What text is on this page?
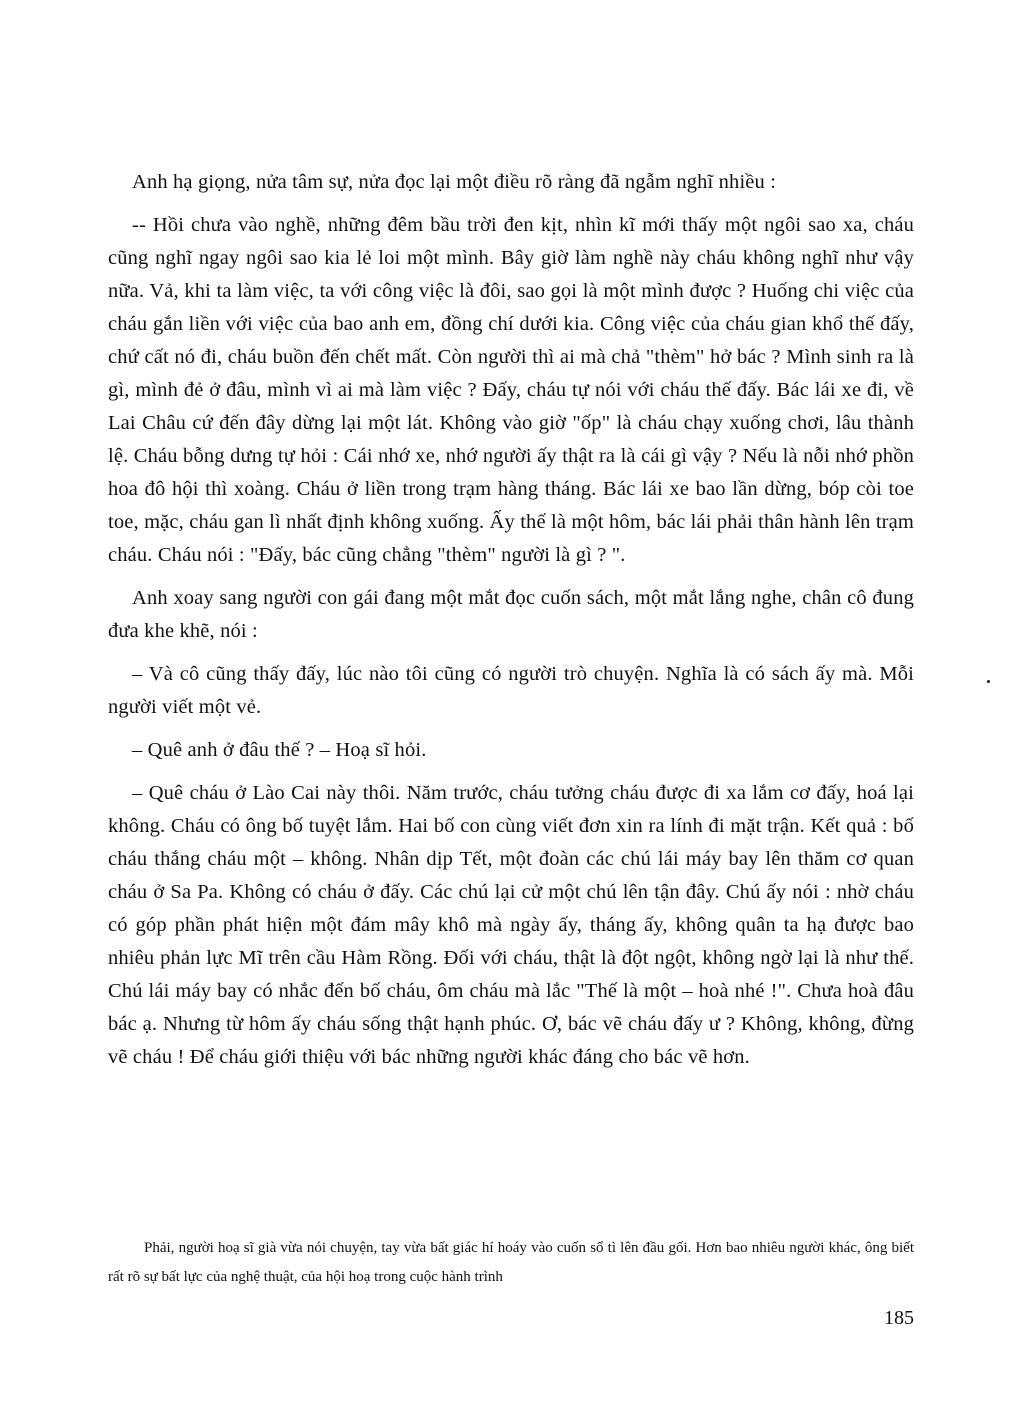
Anh hạ giọng, nửa tâm sự, nửa đọc lại một điều rõ ràng đã ngẫm nghĩ nhiều :

-- Hồi chưa vào nghề, những đêm bầu trời đen kịt, nhìn kĩ mới thấy một ngôi sao xa, cháu cũng nghĩ ngay ngôi sao kia lẻ loi một mình. Bây giờ làm nghề này cháu không nghĩ như vậy nữa. Vả, khi ta làm việc, ta với công việc là đôi, sao gọi là một mình được ? Huống chi việc của cháu gắn liền với việc của bao anh em, đồng chí dưới kia. Công việc của cháu gian khổ thế đấy, chứ cất nó đi, cháu buồn đến chết mất. Còn người thì ai mà chả "thèm" hở bác ? Mình sinh ra là gì, mình đẻ ở đâu, mình vì ai mà làm việc ? Đấy, cháu tự nói với cháu thế đấy. Bác lái xe đi, về Lai Châu cứ đến đây dừng lại một lát. Không vào giờ "ốp" là cháu chạy xuống chơi, lâu thành lệ. Cháu bỗng dưng tự hỏi : Cái nhớ xe, nhớ người ấy thật ra là cái gì vậy ? Nếu là nỗi nhớ phồn hoa đô hội thì xoàng. Cháu ở liền trong trạm hàng tháng. Bác lái xe bao lần dừng, bóp còi toe toe, mặc, cháu gan lì nhất định không xuống. Ấy thế là một hôm, bác lái phải thân hành lên trạm cháu. Cháu nói : "Đấy, bác cũng chẳng "thèm" người là gì ? ".

Anh xoay sang người con gái đang một mắt đọc cuốn sách, một mắt lắng nghe, chân cô đung đưa khe khẽ, nói :

– Và cô cũng thấy đấy, lúc nào tôi cũng có người trò chuyện. Nghĩa là có sách ấy mà. Mỗi người viết một vẻ.

– Quê anh ở đâu thế ? – Hoạ sĩ hỏi.

– Quê cháu ở Lào Cai này thôi. Năm trước, cháu tưởng cháu được đi xa lắm cơ đấy, hoá lại không. Cháu có ông bố tuyệt lắm. Hai bố con cùng viết đơn xin ra lính đi mặt trận. Kết quả : bố cháu thắng cháu một – không. Nhân dịp Tết, một đoàn các chú lái máy bay lên thăm cơ quan cháu ở Sa Pa. Không có cháu ở đấy. Các chú lại cử một chú lên tận đây. Chú ấy nói : nhờ cháu có góp phần phát hiện một đám mây khô mà ngày ấy, tháng ấy, không quân ta hạ được bao nhiêu phản lực Mĩ trên cầu Hàm Rồng. Đối với cháu, thật là đột ngột, không ngờ lại là như thế. Chú lái máy bay có nhắc đến bố cháu, ôm cháu mà lắc "Thế là một – hoà nhé !". Chưa hoà đâu bác ạ. Nhưng từ hôm ấy cháu sống thật hạnh phúc. Ơ, bác vẽ cháu đấy ư ? Không, không, đừng vẽ cháu ! Để cháu giới thiệu với bác những người khác đáng cho bác vẽ hơn.

Phải, người hoạ sĩ già vừa nói chuyện, tay vừa bất giác hí hoáy vào cuốn sổ tì lên đầu gối. Hơn bao nhiêu người khác, ông biết rất rõ sự bất lực của nghệ thuật, của hội hoạ trong cuộc hành trình

185
